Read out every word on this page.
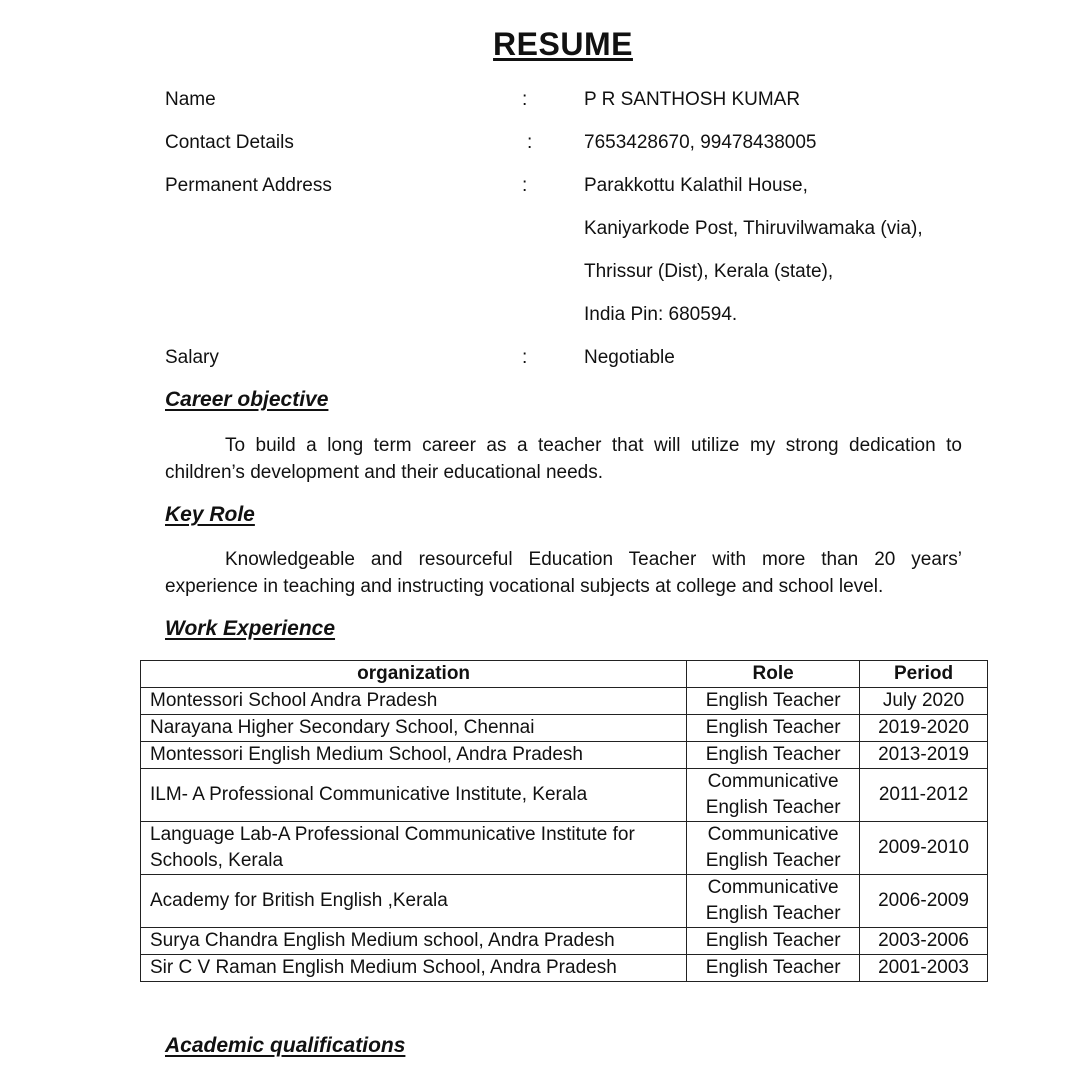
RESUME
Name	:	P R SANTHOSH KUMAR
Contact Details	:	7653428670, 99478438005
Permanent Address	:	Parakkottu Kalathil House,
Kaniyarkode Post, Thiruvilwamaka (via),
Thrissur (Dist), Kerala (state),
India Pin: 680594.
Salary	:	Negotiable
Career objective
To build a long term career as a teacher that will utilize my strong dedication to children’s development and their educational needs.
Key Role
Knowledgeable and resourceful Education Teacher with more than 20 years’ experience in teaching and instructing vocational subjects at college and school level.
Work Experience
organization	Role	Period
Montessori School Andra Pradesh	English Teacher	July 2020
Narayana Higher Secondary School, Chennai	English Teacher	2019-2020
Montessori English Medium School, Andra Pradesh	English Teacher	2013-2019
ILM- A Professional Communicative Institute, Kerala	Communicative English Teacher	2011-2012
Language Lab-A Professional Communicative Institute for Schools, Kerala	Communicative English Teacher	2009-2010
Academy for British English ,Kerala	Communicative English Teacher	2006-2009
Surya Chandra English Medium school, Andra Pradesh	English Teacher	2003-2006
Sir C V Raman English Medium School, Andra Pradesh	English Teacher	2001-2003
Academic qualifications
